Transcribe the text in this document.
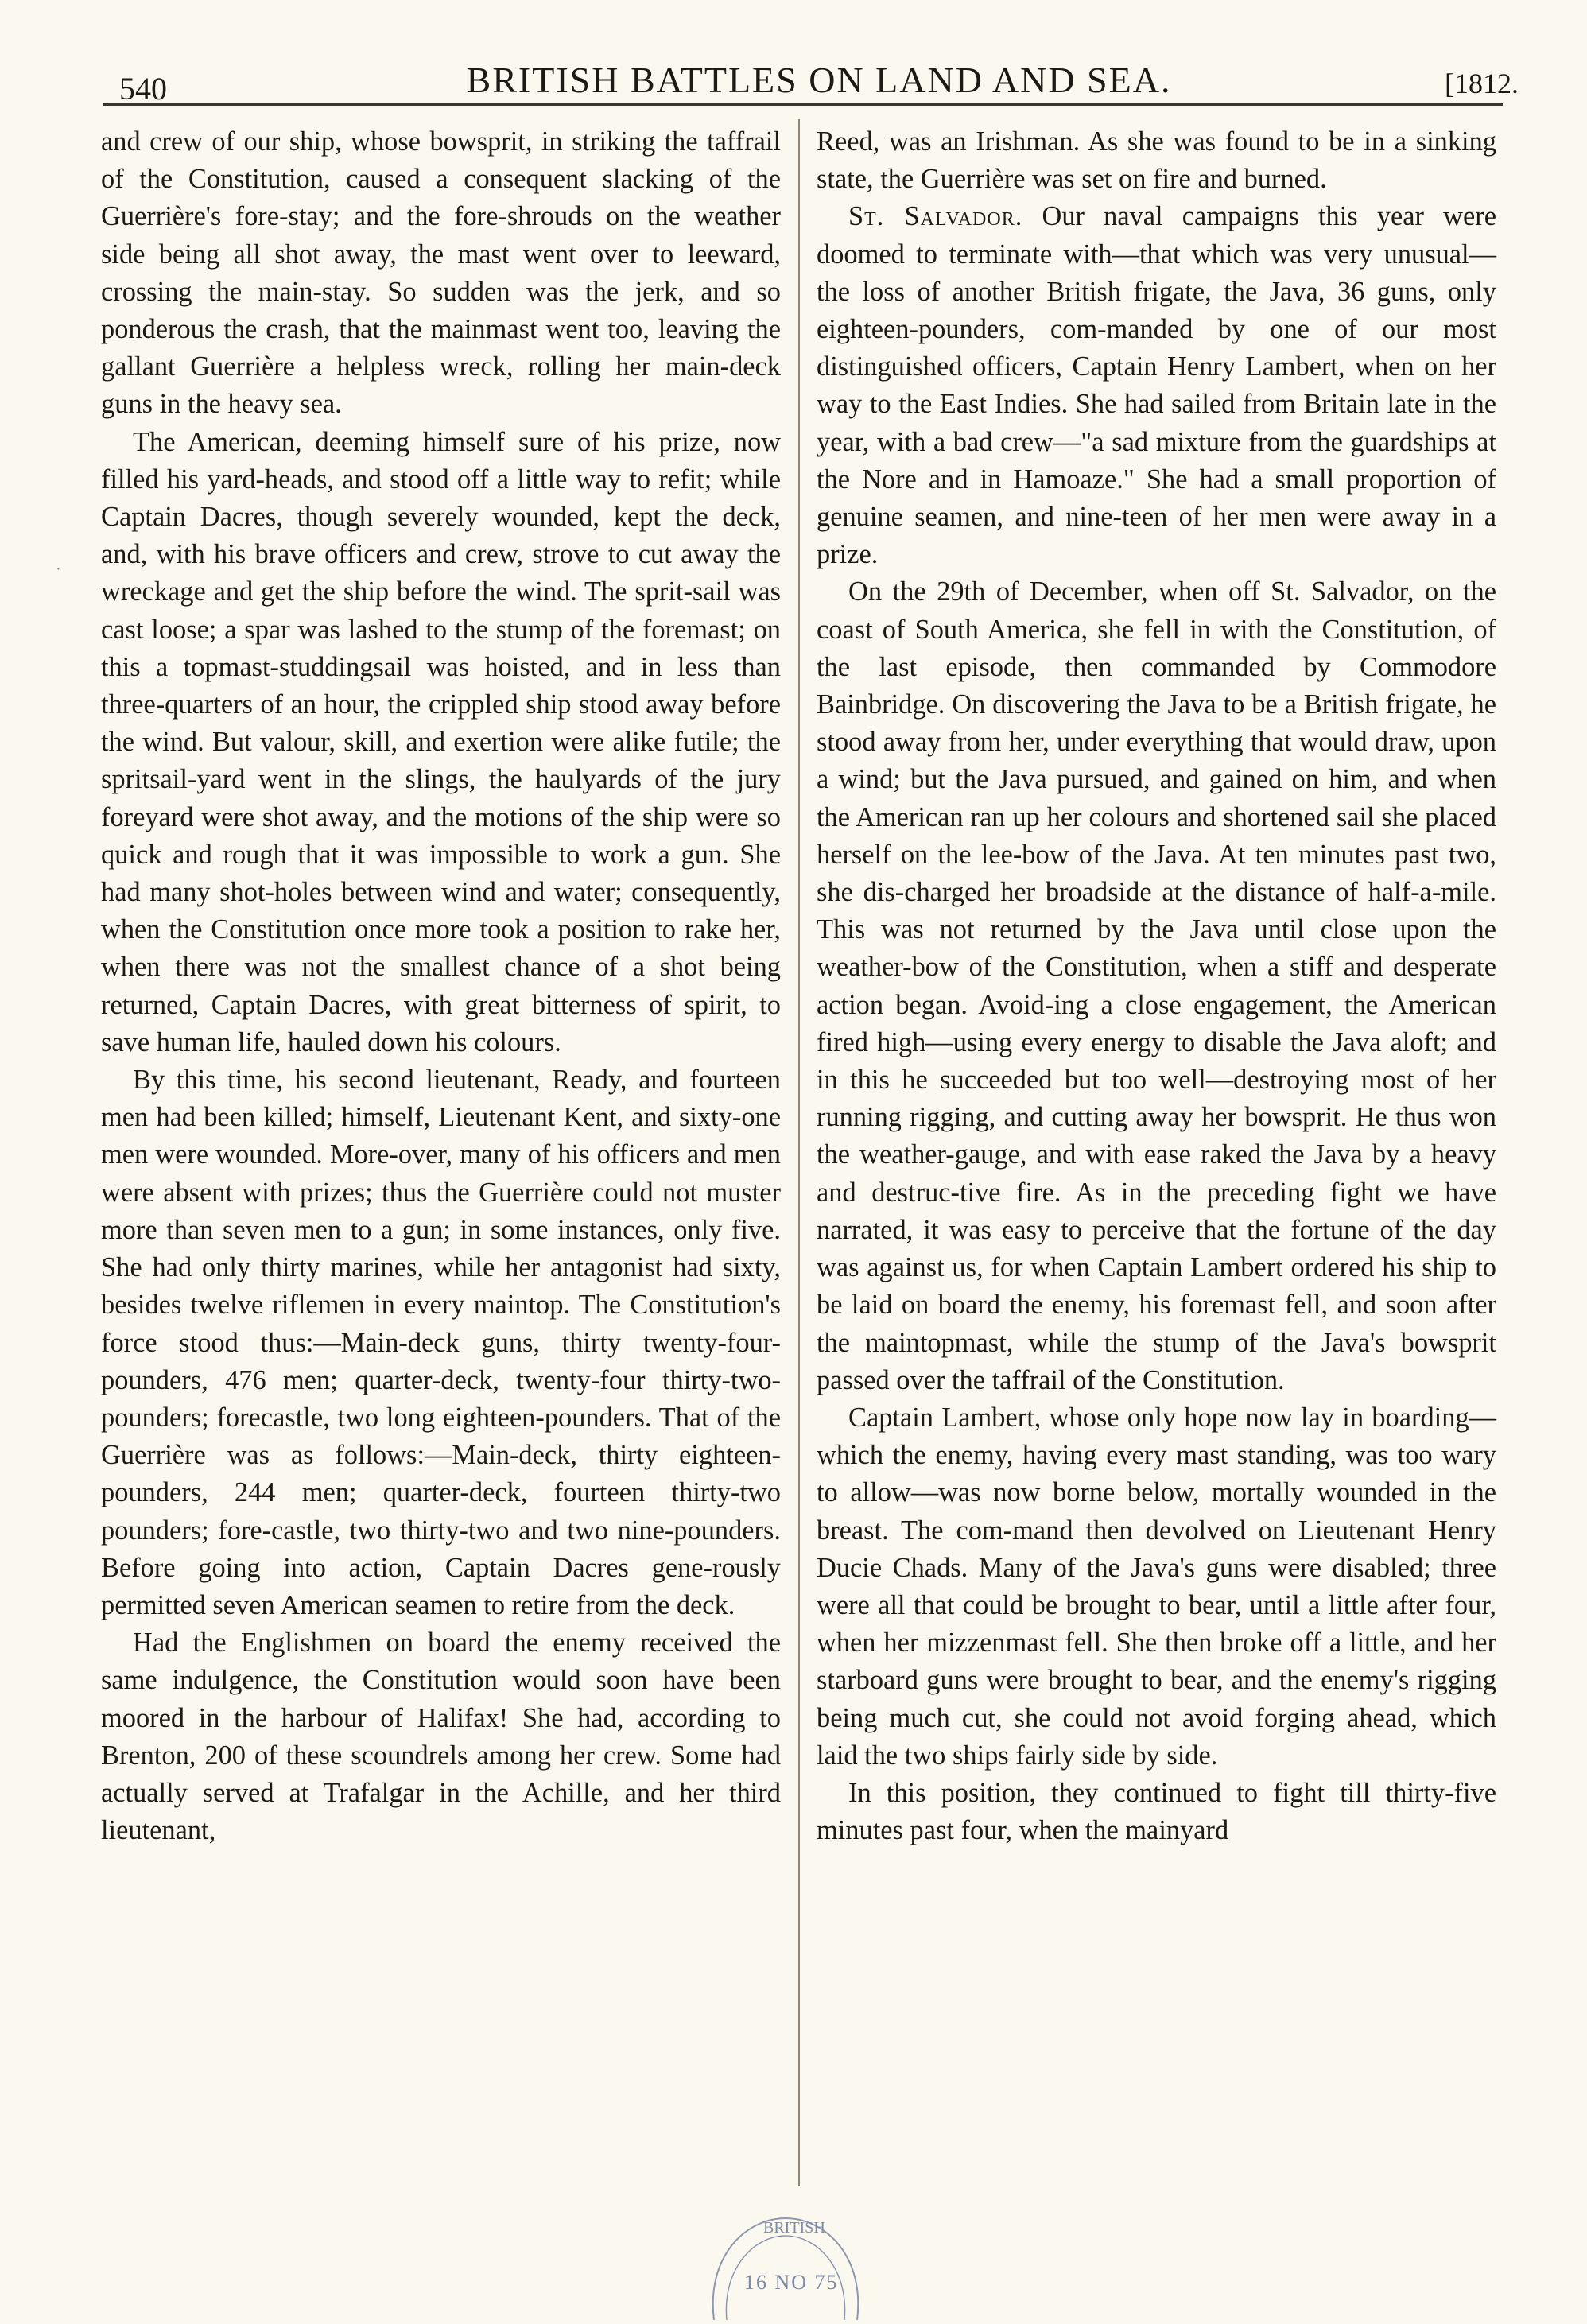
540	BRITISH BATTLES ON LAND AND SEA.	[1812.
·

and crew of our ship, whose bowsprit, in striking the taffrail of the Constitution, caused a consequent slacking of the Guerrière's fore-stay; and the fore-shrouds on the weather side being all shot away, the mast went over to leeward, crossing the main-stay. So sudden was the jerk, and so ponderous the crash, that the mainmast went too, leaving the gallant Guerrière a helpless wreck, rolling her main-deck guns in the heavy sea.

The American, deeming himself sure of his prize, now filled his yard-heads, and stood off a little way to refit; while Captain Dacres, though severely wounded, kept the deck, and, with his brave officers and crew, strove to cut away the wreckage and get the ship before the wind. The sprit-sail was cast loose; a spar was lashed to the stump of the foremast; on this a topmast-studdingsail was hoisted, and in less than three-quarters of an hour, the crippled ship stood away before the wind. But valour, skill, and exertion were alike futile; the spritsail-yard went in the slings, the haulyards of the jury foreyard were shot away, and the motions of the ship were so quick and rough that it was impossible to work a gun. She had many shot-holes between wind and water; consequently, when the Constitution once more took a position to rake her, when there was not the smallest chance of a shot being returned, Captain Dacres, with great bitterness of spirit, to save human life, hauled down his colours.

By this time, his second lieutenant, Ready, and fourteen men had been killed; himself, Lieutenant Kent, and sixty-one men were wounded. More-over, many of his officers and men were absent with prizes; thus the Guerrière could not muster more than seven men to a gun; in some instances, only five. She had only thirty marines, while her antagonist had sixty, besides twelve riflemen in every maintop. The Constitution's force stood thus:—Main-deck guns, thirty twenty-four-pounders, 476 men; quarter-deck, twenty-four thirty-two-pounders; forecastle, two long eighteen-pounders. That of the Guerrière was as follows:—Main-deck, thirty eighteen-pounders, 244 men; quarter-deck, fourteen thirty-two pounders; fore-castle, two thirty-two and two nine-pounders. Before going into action, Captain Dacres gene-rously permitted seven American seamen to retire from the deck.

Had the Englishmen on board the enemy received the same indulgence, the Constitution would soon have been moored in the harbour of Halifax! She had, according to Brenton, 200 of these scoundrels among her crew. Some had actually served at Trafalgar in the Achille, and her third lieutenant,

Reed, was an Irishman. As she was found to be in a sinking state, the Guerrière was set on fire and burned.

St. Salvador. Our naval campaigns this year were doomed to terminate with—that which was very unusual—the loss of another British frigate, the Java, 36 guns, only eighteen-pounders, com-manded by one of our most distinguished officers, Captain Henry Lambert, when on her way to the East Indies. She had sailed from Britain late in the year, with a bad crew—"a sad mixture from the guardships at the Nore and in Hamoaze." She had a small proportion of genuine seamen, and nine-teen of her men were away in a prize.

On the 29th of December, when off St. Salvador, on the coast of South America, she fell in with the Constitution, of the last episode, then commanded by Commodore Bainbridge. On discovering the Java to be a British frigate, he stood away from her, under everything that would draw, upon a wind; but the Java pursued, and gained on him, and when the American ran up her colours and shortened sail she placed herself on the lee-bow of the Java. At ten minutes past two, she dis-charged her broadside at the distance of half-a-mile. This was not returned by the Java until close upon the weather-bow of the Constitution, when a stiff and desperate action began. Avoid-ing a close engagement, the American fired high—using every energy to disable the Java aloft; and in this he succeeded but too well—destroying most of her running rigging, and cutting away her bowsprit. He thus won the weather-gauge, and with ease raked the Java by a heavy and destruc-tive fire. As in the preceding fight we have narrated, it was easy to perceive that the fortune of the day was against us, for when Captain Lambert ordered his ship to be laid on board the enemy, his foremast fell, and soon after the maintopmast, while the stump of the Java's bowsprit passed over the taffrail of the Constitution.

Captain Lambert, whose only hope now lay in boarding—which the enemy, having every mast standing, was too wary to allow—was now borne below, mortally wounded in the breast. The com-mand then devolved on Lieutenant Henry Ducie Chads. Many of the Java's guns were disabled; three were all that could be brought to bear, until a little after four, when her mizzenmast fell. She then broke off a little, and her starboard guns were brought to bear, and the enemy's rigging being much cut, she could not avoid forging ahead, which laid the two ships fairly side by side.

In this position, they continued to fight till thirty-five minutes past four, when the mainyard

BRITISH
16 NO 75
